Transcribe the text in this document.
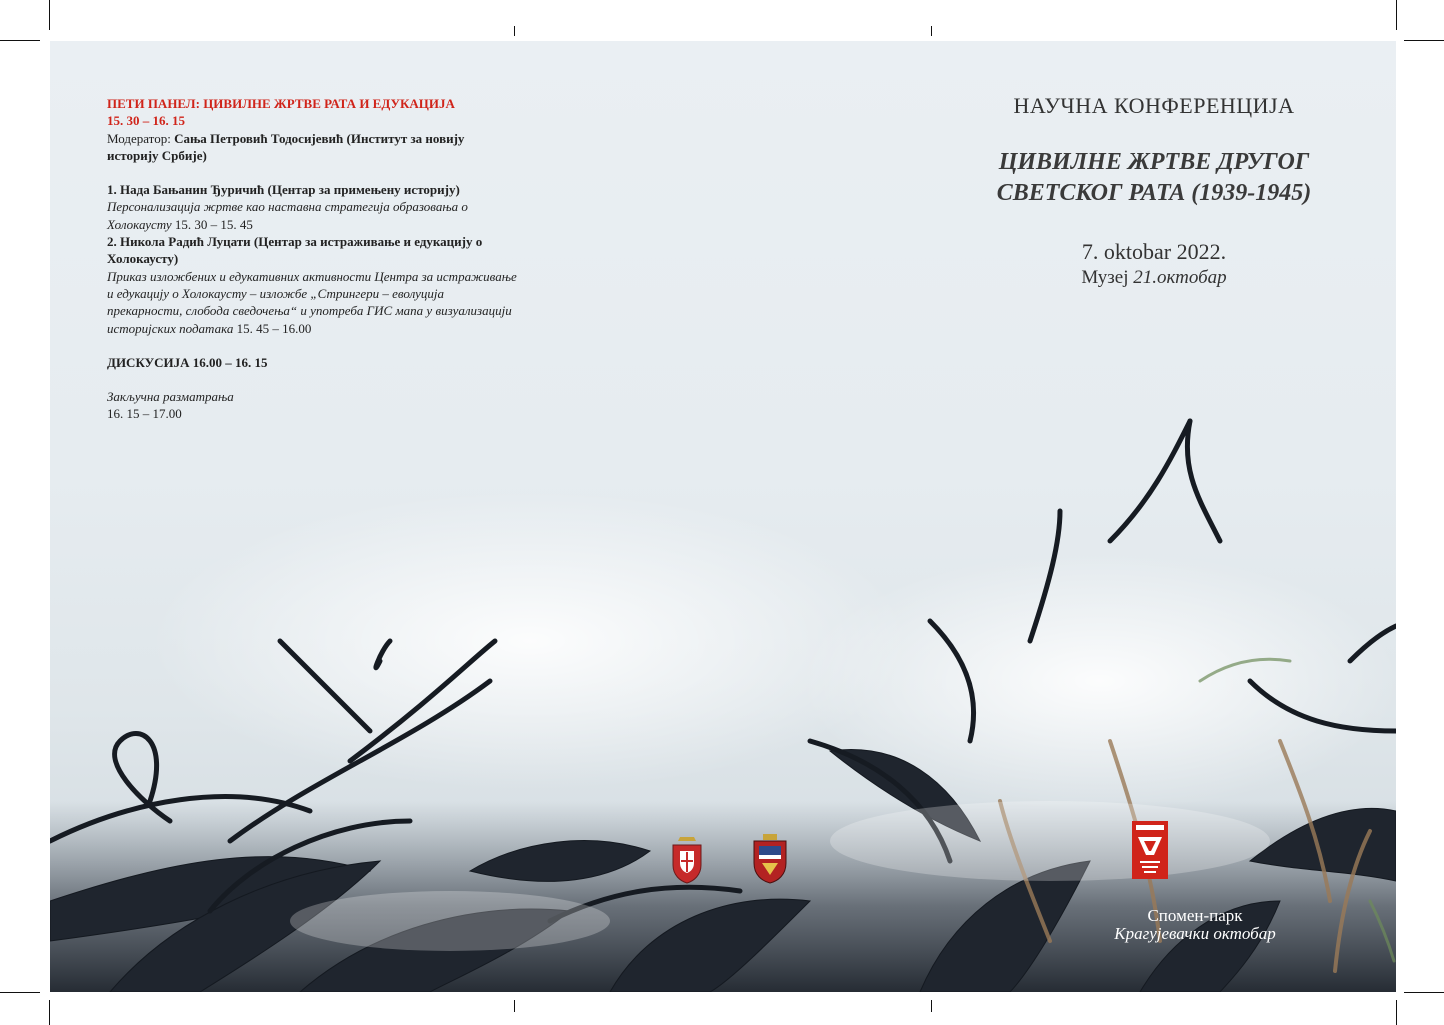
ПЕТИ ПАНЕЛ: ЦИВИЛНЕ ЖРТВЕ РАТА И ЕДУКАЦИЈА

15. 30 – 16. 15

Модератор: Сања Петровић Тодосијевић (Институт за новију историју Србије)

1. Нада Бањанин Ђуричић (Центар за примењену историју)

Персонализација жртве као наставна стратегија образовања о Холокаусту 15. 30 – 15. 45

2. Никола Радић Луцати (Центар за истраживање и едукацију о Холокаусту)

Приказ изложбених и едукативних активности Центра за истраживање и едукацију о Холокаусту – изложбе „Стрингери – еволуција прекарности, слобода сведочења“ и употреба ГИС мапа у визуализацији

историјских података 15. 45 – 16.00

ДИСКУСИЈА 16.00 – 16. 15

Закључна разматрања

16. 15 – 17.00

НАУЧНА КОНФЕРЕНЦИЈА
ЦИВИЛНЕ ЖРТВЕ ДРУГОГ
СВЕТСКОГ РАТА (1939-1945)
7. oktobar 2022.
Музеј 21.октобар
Спомен-парк
Крагујевачки октобар
